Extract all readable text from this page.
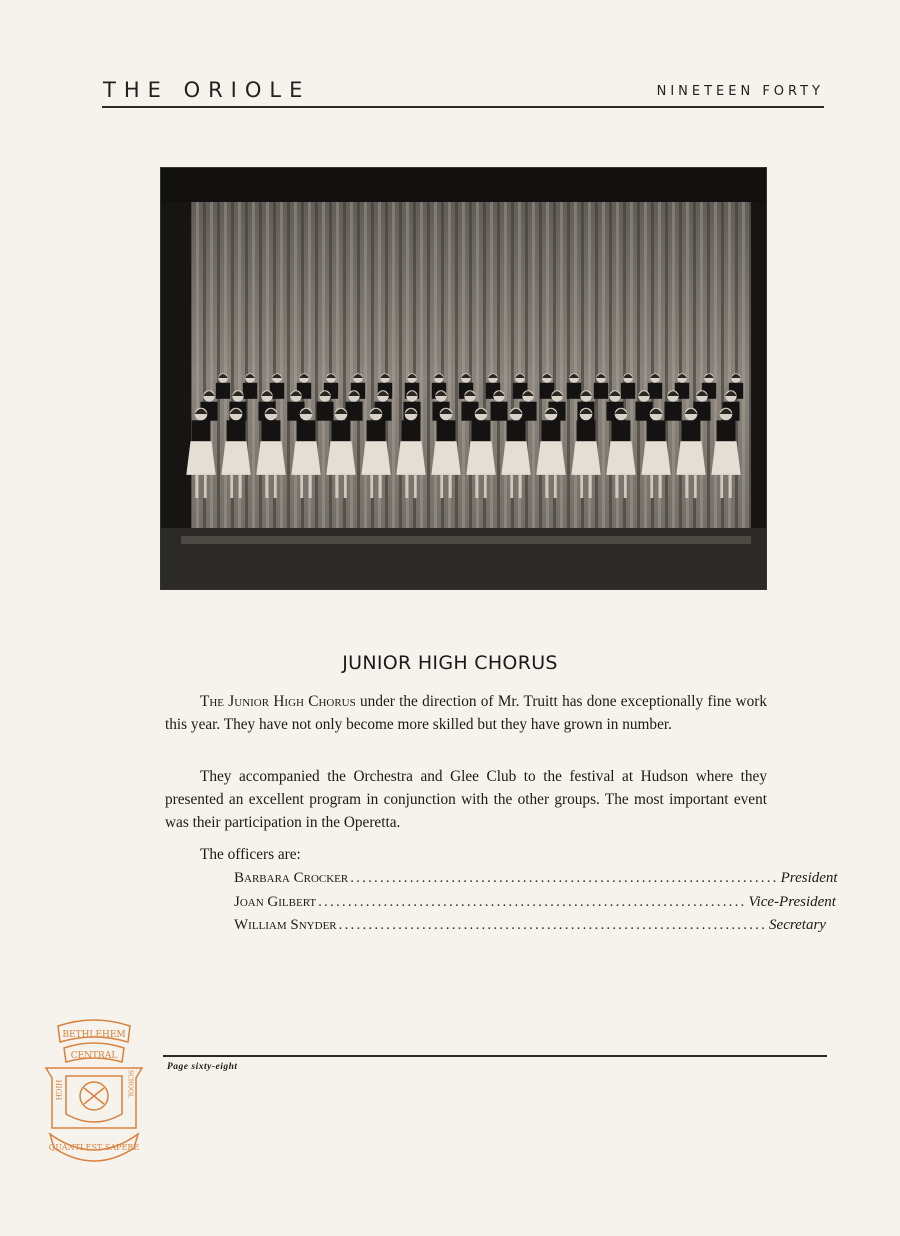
THE ORIOLE	NINETEEN FORTY
JUNIOR HIGH CHORUS

The Junior High Chorus under the direction of Mr. Truitt has done exceptionally fine work this year. They have not only become more skilled but they have grown in number.

They accompanied the Orchestra and Glee Club to the festival at Hudson where they presented an excellent program in conjunction with the other groups. The most important event was their participation in the Operetta.

The officers are:
Barbara Crocker ........................................................................ President
Joan Gilbert ........................................................................ Vice-President
William Snyder ........................................................................ Secretary
Page sixty-eight
BETHLEHEM
CENTRAL
HIGH	SCHOOL
QUANTI EST SAPERE
